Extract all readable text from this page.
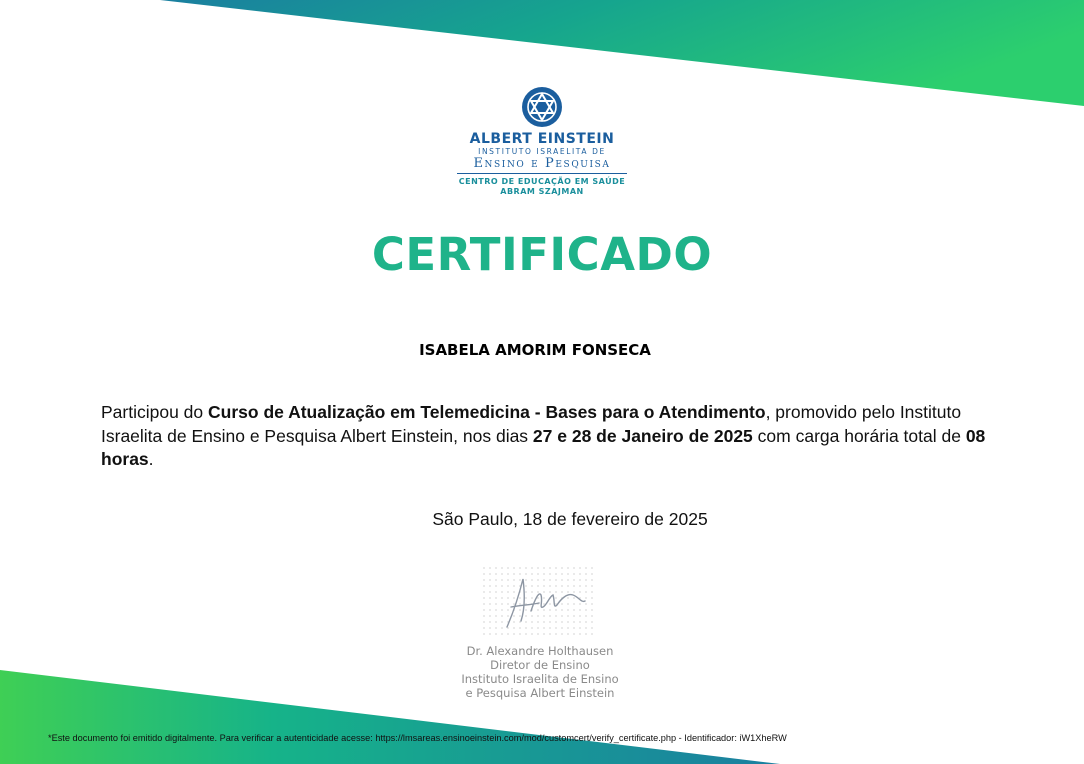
ALBERT EINSTEIN
INSTITUTO ISRAELITA DE
Ensino e Pesquisa
CENTRO DE EDUCAÇÃO EM SAÚDE
ABRAM SZAJMAN
CERTIFICADO
ISABELA AMORIM FONSECA
Participou do Curso de Atualização em Telemedicina - Bases para o Atendimento, promovido pelo Instituto Israelita de Ensino e Pesquisa Albert Einstein, nos dias 27 e 28 de Janeiro de 2025 com carga horária total de 08 horas.
São Paulo, 18 de fevereiro de 2025
Dr. Alexandre Holthausen
Diretor de Ensino
Instituto Israelita de Ensino
e Pesquisa Albert Einstein
*Este documento foi emitido digitalmente. Para verificar a autenticidade acesse: https://lmsareas.ensinoeinstein.com/mod/customcert/verify_certificate.php - Identificador: iW1XheRW
